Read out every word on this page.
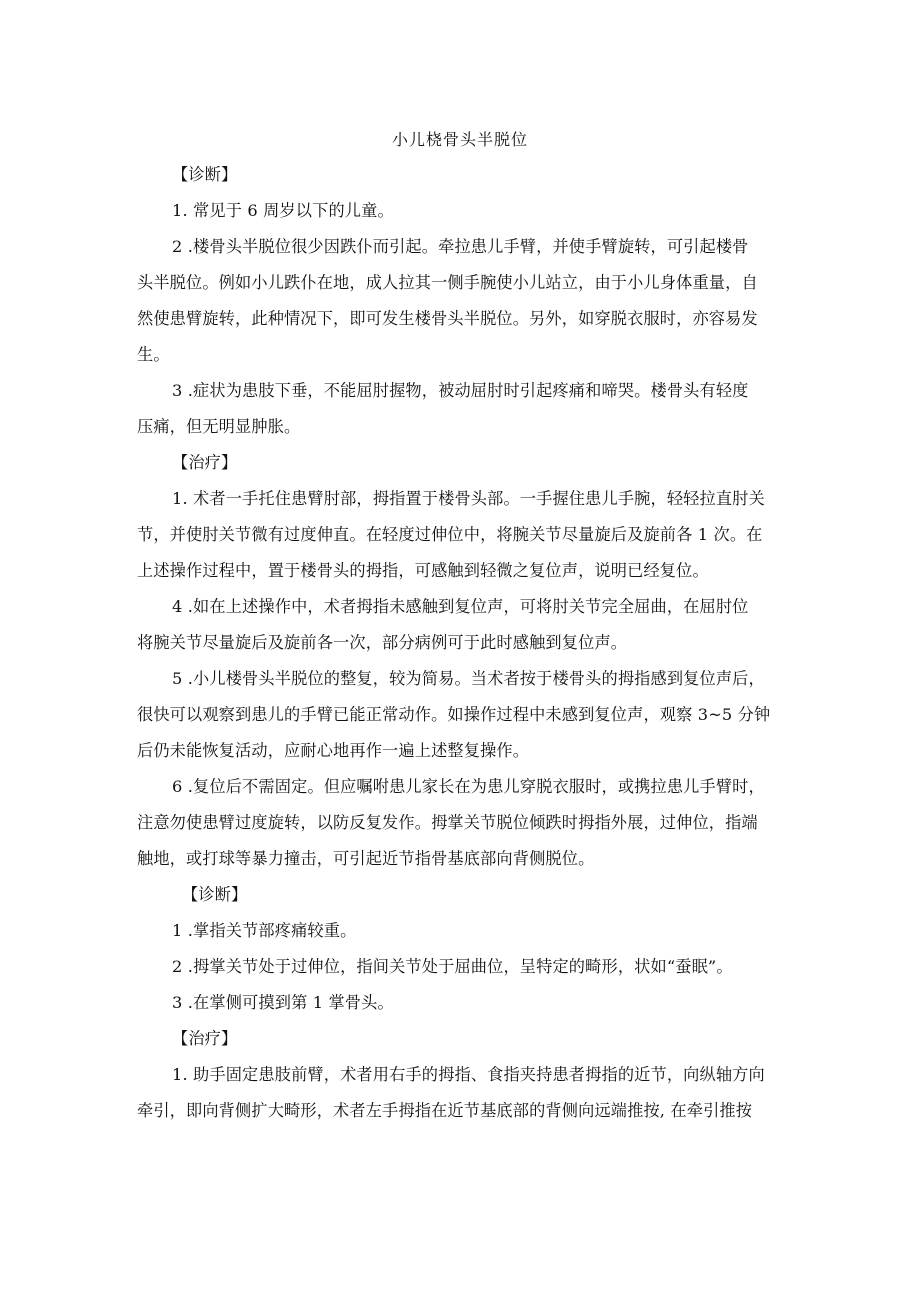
小儿桡骨头半脱位
【诊断】
1. 常见于 6 周岁以下的儿童。
2 .楼骨头半脱位很少因跌仆而引起。牵拉患儿手臂，并使手臂旋转，可引起楼骨
头半脱位。例如小儿跌仆在地，成人拉其一侧手腕使小儿站立，由于小儿身体重量，自
然使患臂旋转，此种情况下，即可发生楼骨头半脱位。另外，如穿脱衣服时，亦容易发
生。
3 .症状为患肢下垂，不能屈肘握物，被动屈肘时引起疼痛和啼哭。楼骨头有轻度
压痛，但无明显肿胀。
【治疗】
1. 术者一手托住患臂肘部，拇指置于楼骨头部。一手握住患儿手腕，轻轻拉直肘关
节，并使肘关节微有过度伸直。在轻度过伸位中，将腕关节尽量旋后及旋前各 1 次。在
上述操作过程中，置于楼骨头的拇指，可感触到轻微之复位声，说明已经复位。
4 .如在上述操作中，术者拇指未感触到复位声，可将肘关节完全屈曲，在屈肘位
将腕关节尽量旋后及旋前各一次，部分病例可于此时感触到复位声。
5 .小儿楼骨头半脱位的整复，较为简易。当术者按于楼骨头的拇指感到复位声后，
很快可以观察到患儿的手臂已能正常动作。如操作过程中未感到复位声，观察 3~5 分钟
后仍未能恢复活动，应耐心地再作一遍上述整复操作。
6 .复位后不需固定。但应嘱咐患儿家长在为患儿穿脱衣服时，或携拉患儿手臂时，
注意勿使患臂过度旋转，以防反复发作。拇掌关节脱位倾跌时拇指外展，过伸位，指端
触地，或打球等暴力撞击，可引起近节指骨基底部向背侧脱位。
【诊断】
1 .掌指关节部疼痛较重。
2 .拇掌关节处于过伸位，指间关节处于屈曲位，呈特定的畸形，状如“蚕眠”。
3 .在掌侧可摸到第 1 掌骨头。
【治疗】
1. 助手固定患肢前臂，术者用右手的拇指、食指夹持患者拇指的近节，向纵轴方向
牵引，即向背侧扩大畸形，术者左手拇指在近节基底部的背侧向远端推按, 在牵引推按
